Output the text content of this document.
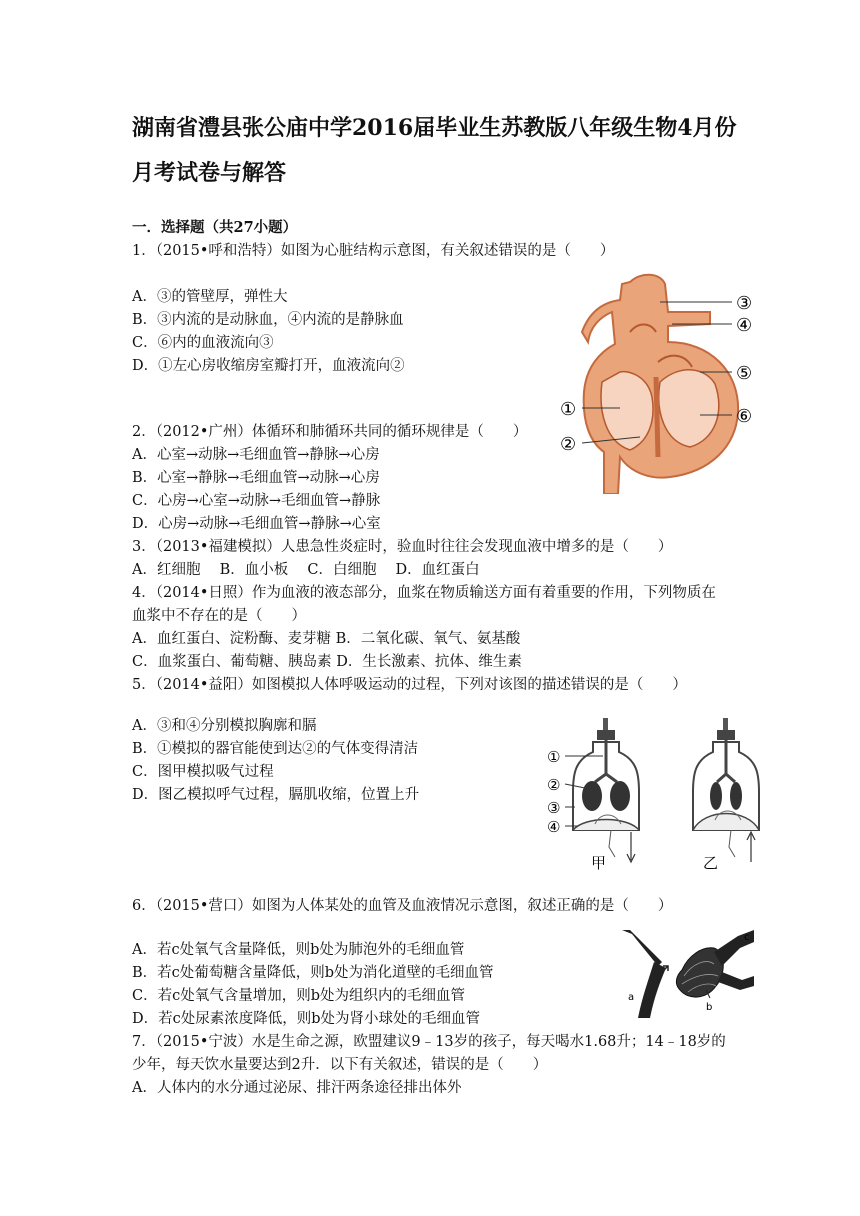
湖南省澧县张公庙中学2016届毕业生苏教版八年级生物4月份
月考试卷与解答
一．选择题（共27小题）
1．（2015•呼和浩特）如图为心脏结构示意图，有关叙述错误的是（　　）
A．③的管壁厚，弹性大
B．③内流的是动脉血，④内流的是静脉血
C．⑥内的血液流向③
D．①左心房收缩房室瓣打开，血液流向②
2．（2012•广州）体循环和肺循环共同的循环规律是（　　）
A．心室→动脉→毛细血管→静脉→心房
B．心室→静脉→毛细血管→动脉→心房
C．心房→心室→动脉→毛细血管→静脉
D．心房→动脉→毛细血管→静脉→心室
3．（2013•福建模拟）人患急性炎症时，验血时往往会发现血液中增多的是（　　）
A．红细胞　 B．血小板　 C．白细胞　 D．血红蛋白
4．（2014•日照）作为血液的液态部分，血浆在物质输送方面有着重要的作用，下列物质在
血浆中不存在的是（　　）
A．血红蛋白、淀粉酶、麦芽糖 B．二氧化碳、氧气、氨基酸
C．血浆蛋白、葡萄糖、胰岛素 D．生长激素、抗体、维生素
5．（2014•益阳）如图模拟人体呼吸运动的过程，下列对该图的描述错误的是（　　）
A．③和④分别模拟胸廓和膈
B．①模拟的器官能使到达②的气体变得清洁
C．图甲模拟吸气过程
D．图乙模拟呼气过程，膈肌收缩，位置上升
6．（2015•营口）如图为人体某处的血管及血液情况示意图，叙述正确的是（　　）
A．若c处氧气含量降低，则b处为肺泡外的毛细血管
B．若c处葡萄糖含量降低，则b处为消化道壁的毛细血管
C．若c处氧气含量增加，则b处为组织内的毛细血管
D．若c处尿素浓度降低，则b处为肾小球处的毛细血管
7．（2015•宁波）水是生命之源，欧盟建议9﹣13岁的孩子，每天喝水1.68升；14﹣18岁的
少年，每天饮水量要达到2升．以下有关叙述，错误的是（　　）
A．人体内的水分通过泌尿、排汗两条途径排出体外
③
④
⑤
①	⑥
②
①
②
③
④
甲	乙
a
b
c
